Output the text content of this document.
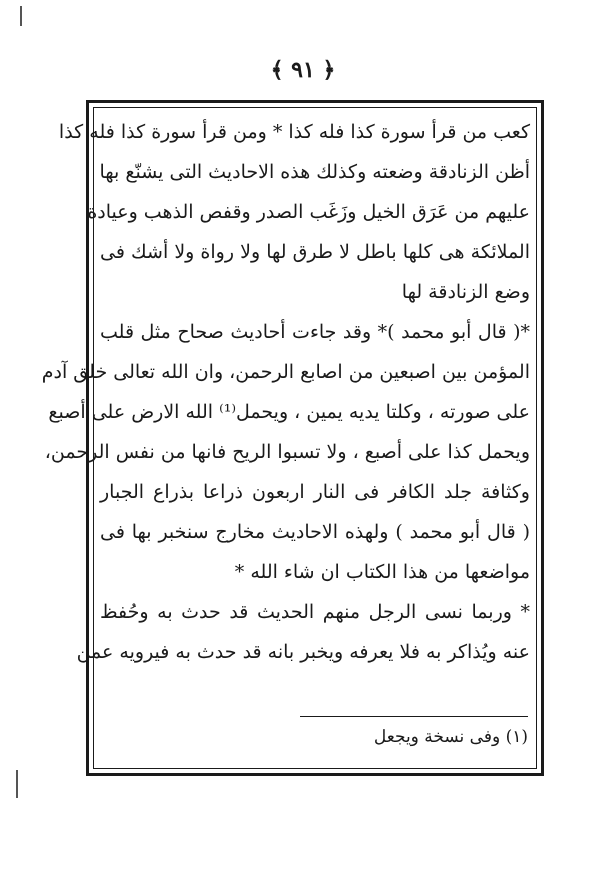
﴿ ٩١ ﴾
كعب من قرأ سورة كذا فله كذا * ومن قرأ سورة كذا فله كذا
أظن الزنادقة وضعته وكذلك هذه الاحاديث التى يشنّع بها
عليهم من عَرَق الخيل وزَغَب الصدر وقفص الذهب وعيادة
الملائكة هى كلها باطل لا طرق لها ولا رواة ولا أشك فى
وضع الزنادقة لها
*( قال أبو محمد )* وقد جاءت أحاديث صحاح مثل قلب
المؤمن بين اصبعين من اصابع الرحمن، وان الله تعالى خلق آدم
على صورته ، وكلتا يديه يمين ، ويحمل⁽¹⁾ الله الارض على أصبع
ويحمل كذا على أصبع ، ولا تسبوا الريح فانها من نفس الرحمن،
وكثافة جلد الكافر فى النار اربعون ذراعا بذراع الجبار
( قال أبو محمد ) ولهذه الاحاديث مخارج سنخبر بها فى
مواضعها من هذا الكتاب ان شاء الله *
* وربما نسى الرجل منهم الحديث قد حدث به وحُفظ
عنه ويُذاكر به فلا يعرفه ويخبر بانه قد حدث به فيرويه عمن
(١) وفى نسخة ويجعل
